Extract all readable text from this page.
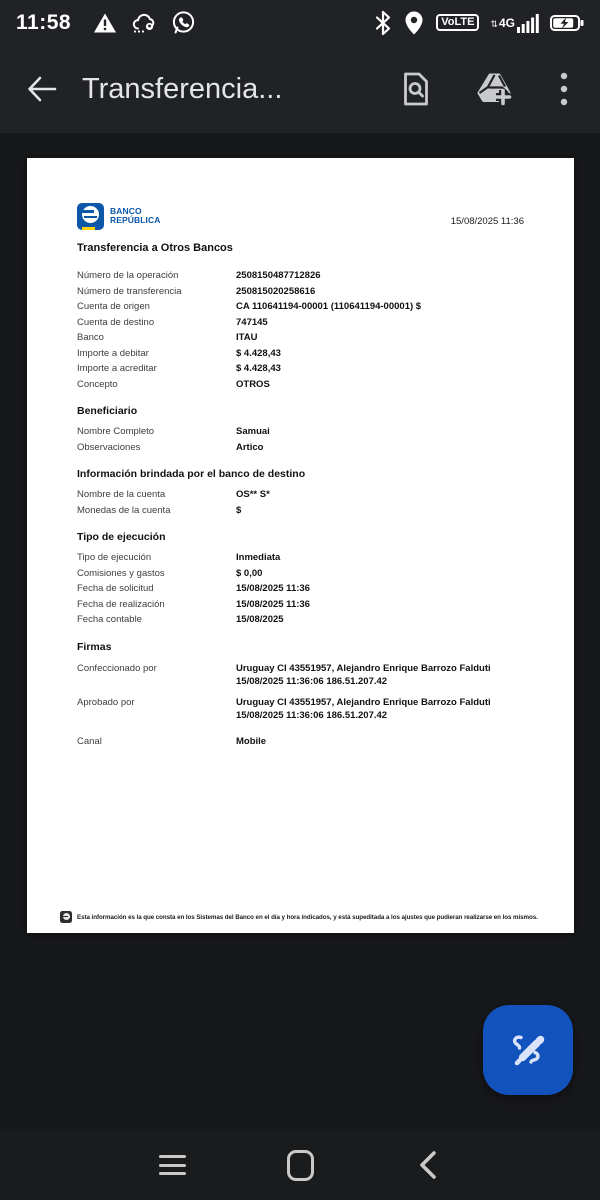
11:58	VoLTE	⇅ 4G
Transferencia...
BANCO
REPÚBLICA	15/08/2025 11:36
Transferencia a Otros Bancos
Número de la operación	2508150487712826
Número de transferencia	250815020258616
Cuenta de origen	CA 110641194-00001 (110641194-00001) $
Cuenta de destino	747145
Banco	ITAU
Importe a debitar	$ 4.428,43
Importe a acreditar	$ 4.428,43
Concepto	OTROS
Beneficiario
Nombre Completo	Samuai
Observaciones	Artico
Información brindada por el banco de destino
Nombre de la cuenta	OS** S*
Monedas de la cuenta	$
Tipo de ejecución
Tipo de ejecución	Inmediata
Comisiones y gastos	$ 0,00
Fecha de solicitud	15/08/2025 11:36
Fecha de realización	15/08/2025 11:36
Fecha contable	15/08/2025
Firmas
Confeccionado por	Uruguay CI 43551957, Alejandro Enrique Barrozo Falduti 15/08/2025 11:36:06 186.51.207.42
Aprobado por	Uruguay CI 43551957, Alejandro Enrique Barrozo Falduti 15/08/2025 11:36:06 186.51.207.42
Canal	Mobile
Esta información es la que consta en los Sistemas del Banco en el día y hora indicados, y está supeditada a los ajustes que pudieran realizarse en los mismos.
